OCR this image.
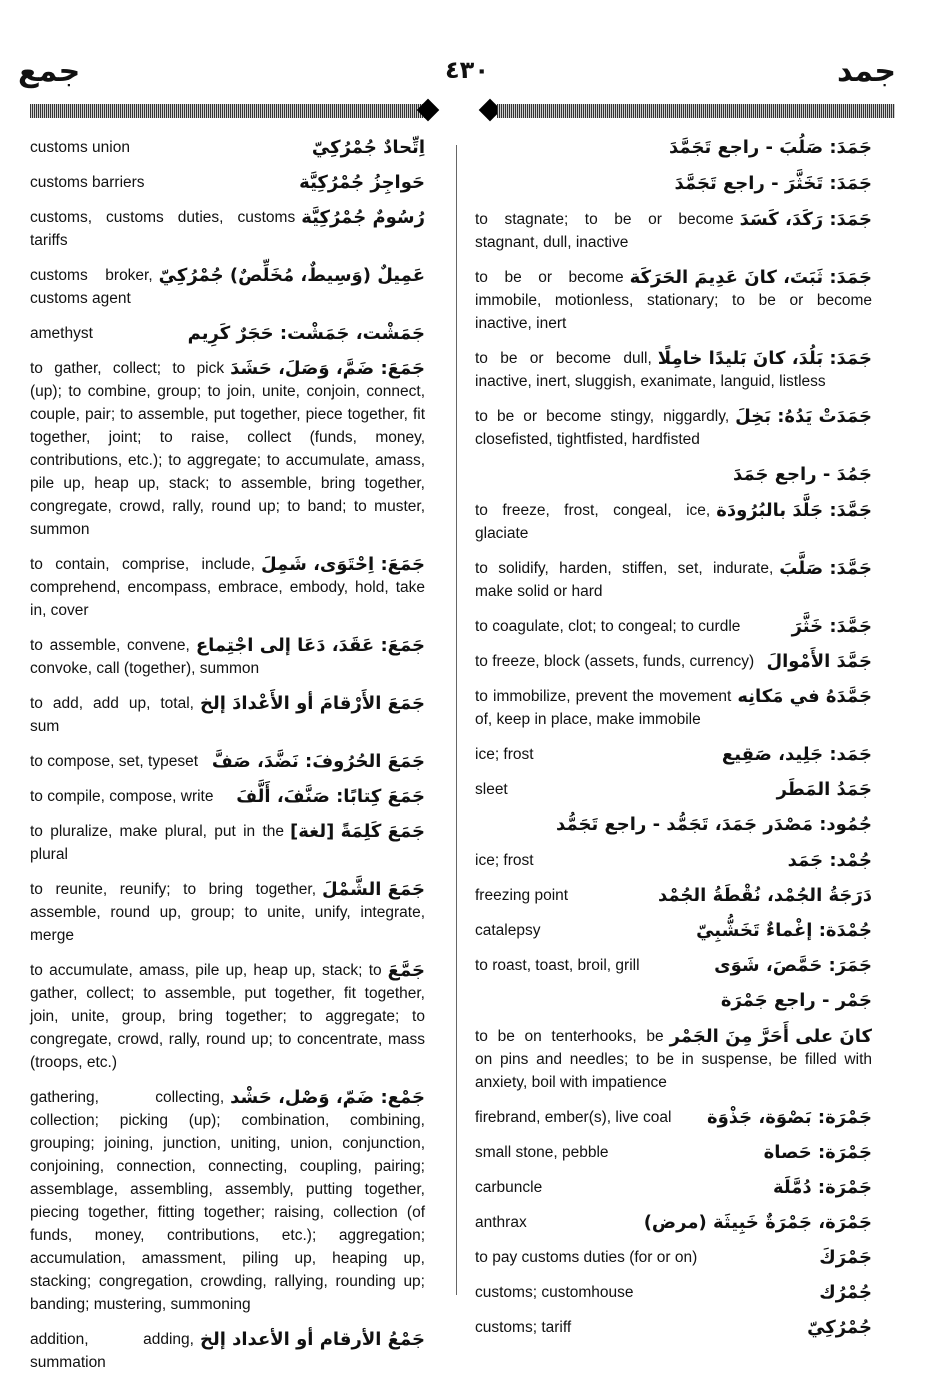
جمع	٤٣٠	جمد
اِتِّحادٌ جُمْرُكِيّ
customs union
حَواجِزُ جُمْرُكِيَّة
customs barriers
رُسُومٌ جُمْرُكِيَّة
customs, customs duties, customs tariffs
عَمِيلٌ (وَسِيطٌ، مُخَلِّصٌ) جُمْرُكِيّ
customs broker, customs agent
جَمَشْت، جَمَشْت: حَجَرٌ كَرِيم
amethyst
جَمَعَ: ضَمَّ، وَصَلَ، حَشَدَ
to gather, collect; to pick (up); to combine, group; to join, unite, conjoin, connect, couple, pair; to assemble, put together, piece together, fit together, joint; to raise, collect (funds, money, contributions, etc.); to aggregate; to accumulate, amass, pile up, heap up, stack; to assemble, bring together, congregate, crowd, rally, round up; to band; to muster, summon
جَمَعَ: اِحْتَوَى، شَمِلَ
to contain, comprise, include, comprehend, encompass, embrace, embody, hold, take in, cover
جَمَعَ: عَقَدَ، دَعَا إلى اجْتِماع
to assemble, convene, convoke, call (together), summon
جَمَعَ الأَرْقامَ أو الأَعْدادَ إلخ
to add, add up, total, sum
جَمَعَ الحُرُوفَ: نَضَّدَ، صَفَّ
to compose, set, typeset
جَمَعَ كِتابًا: صَنَّفَ، أَلَّفَ
to compile, compose, write
جَمَعَ كَلِمَةً [لغة]
to pluralize, make plural, put in the plural
جَمَعَ الشَّمْلَ
to reunite, reunify; to bring together, assemble, round up, group; to unite, unify, integrate, merge
جَمَّعَ
to accumulate, amass, pile up, heap up, stack; to gather, collect; to assemble, put together, fit together, join, unite, group, bring together; to aggregate; to congregate, crowd, rally, round up; to concentrate, mass (troops, etc.)
جَمْع: ضَمّ، وَصْل، حَشْد
gathering, collecting, collection; picking (up); combination, combining, grouping; joining, junction, uniting, union, conjunction, conjoining, connection, connecting, coupling, pairing; assemblage, assembling, assembly, putting together, piecing together, fitting together; raising, collection (of funds, money, contributions, etc.); aggregation; accumulation, amassment, piling up, heaping up, stacking; congregation, crowding, rallying, rounding up; banding; mustering, summoning
جَمْعُ الأرقام أو الأعداد إلخ
addition, adding, summation
جَمَدَ: صَلُبَ - راجع تَجَمَّدَ
جَمَدَ: تَخَثَّرَ - راجع تَجَمَّدَ
جَمَدَ: رَكَدَ، كَسَدَ
to stagnate; to be or become stagnant, dull, inactive
جَمَدَ: ثَبَتَ، كانَ عَدِيمَ الحَرَكَة
to be or become immobile, motionless, stationary; to be or become inactive, inert
جَمَدَ: بَلُدَ، كانَ بَليدًا خامِلًا
to be or become dull, inactive, inert, sluggish, exanimate, languid, listless
جَمَدَتْ يَدُهُ: بَخِلَ
to be or become stingy, niggardly, closefisted, tightfisted, hardfisted
جَمُدَ - راجع جَمَدَ
جَمَّدَ: جَلَّدَ بالبُرُودَة
to freeze, frost, congeal, ice, glaciate
جَمَّدَ: صَلَّبَ
to solidify, harden, stiffen, set, indurate, make solid or hard
جَمَّدَ: خَثَّرَ
to coagulate, clot; to congeal; to curdle
جَمَّدَ الأَمْوالَ
to freeze, block (assets, funds, currency)
جَمَّدَهُ في مَكانِه
to immobilize, prevent the movement of, keep in place, make immobile
جَمَد: جَلِيد، صَقِيع
ice; frost
جَمَدُ المَطَر
sleet
جُمُود: مَصْدَر جَمَدَ، تَجَمُّد - راجع تَجَمُّد
جُمْد: جَمَد
ice; frost
دَرَجَةُ الجُمْد، نُقْطَةُ الجُمْد
freezing point
جُمْدَة: إغْماءٌ تَخَشُّبِيّ
catalepsy
جَمَرَ: حَمَّصَ، شَوَى
to roast, toast, broil, grill
جَمْر - راجع جَمْرَة
كانَ على أَحَرَّ مِنَ الجَمْر
to be on tenterhooks, be on pins and needles; to be in suspense, be filled with anxiety, boil with impatience
جَمْرَة: بَصْوَة، جَذْوَة
firebrand, ember(s), live coal
جَمْرَة: حَصاة
small stone, pebble
جَمْرَة: دُمَّلَة
carbuncle
جَمْرَة، جَمْرَةٌ خَبِيثَة (مرض)
anthrax
جَمْرَكَ
to pay customs duties (for or on)
جُمْرُك
customs; customhouse
جُمْرُكِيّ
customs; tariff
